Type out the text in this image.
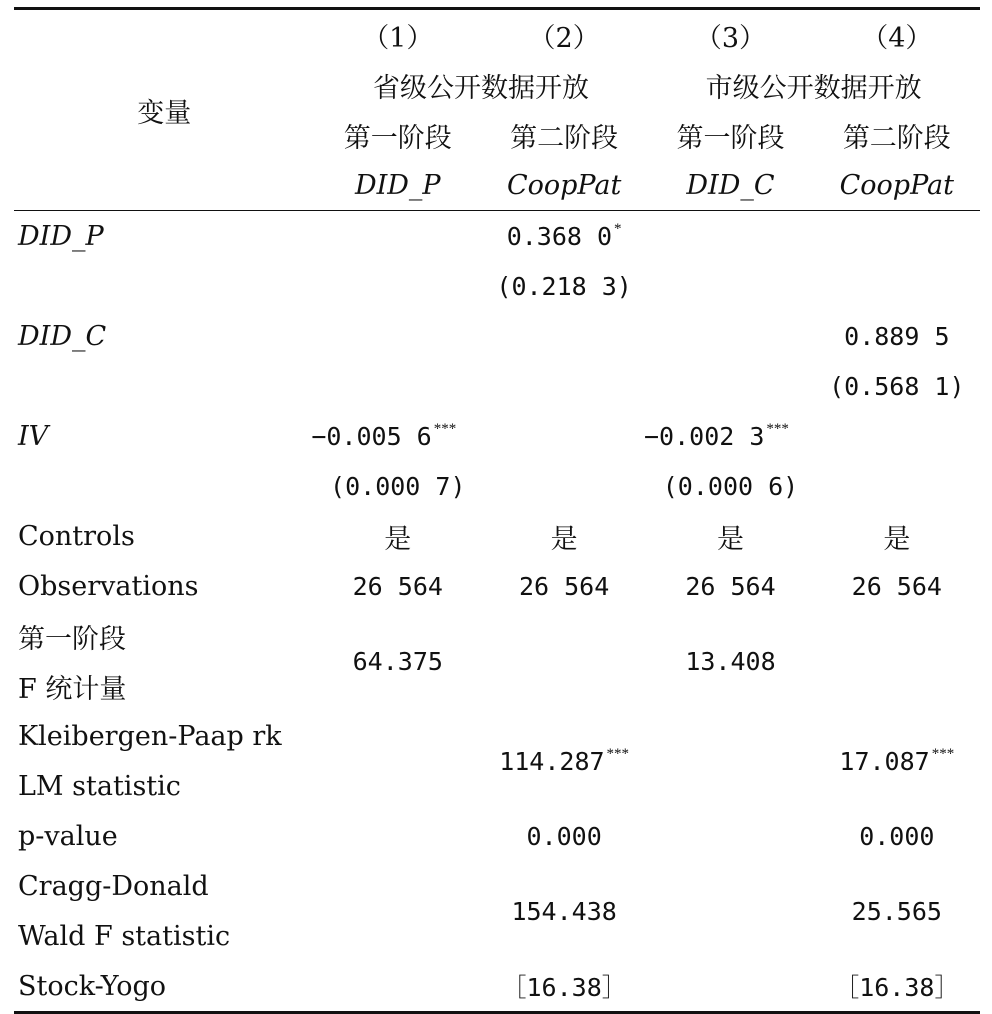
变量	（1）	（2）	（3）	（4）
	省级公开数据开放		市级公开数据开放	
	第一阶段	第二阶段	第一阶段	第二阶段
	DID_P	CoopPat	DID_C	CoopPat

DID_P		0.368 0 *		
		(0.218 3)		
DID_C				0.889 5
				(0.568 1)
IV	−0.005 6 ***		−0.002 3 ***	
	(0.000 7)		(0.000 6)	
Controls	是	是	是	是
Observations	26 564	26 564	26 564	26 564
第一阶段	64.375		13.408	
F 统计量				
Kleibergen-Paap rk		114.287 ***		17.087 ***
LM statistic				
p-value		0.000		0.000
Cragg-Donald		154.438		25.565
Wald F statistic				
Stock-Yogo		［16.38］		［16.38］
